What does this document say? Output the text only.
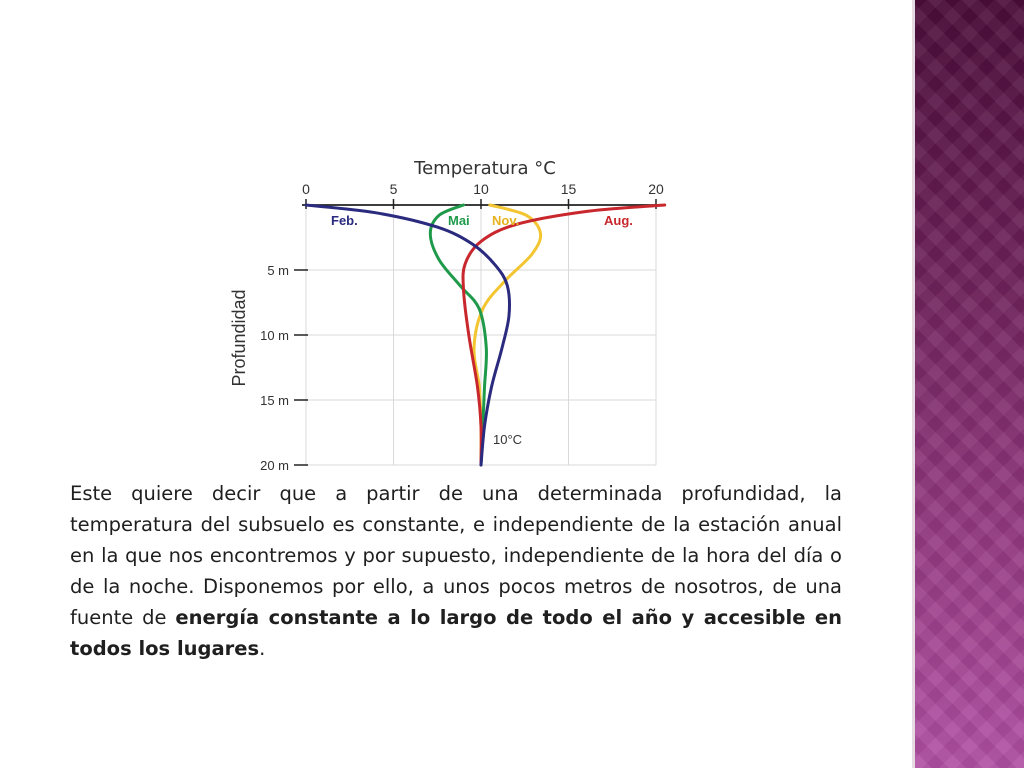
Temperatura °C
0	5	10	15	20
5 m
10 m
15 m
20 m
Profundidad
Feb.	Mai Nov.	Aug.
10°C
Este quiere decir que a partir de una determinada profundidad, la temperatura del subsuelo es constante, e independiente de la estación anual en la que nos encontremos y por supuesto, independiente de la hora del día o de la noche. Disponemos por ello, a unos pocos metros de nosotros, de una fuente de energía constante a lo largo de todo el año y accesible en todos los lugares.
